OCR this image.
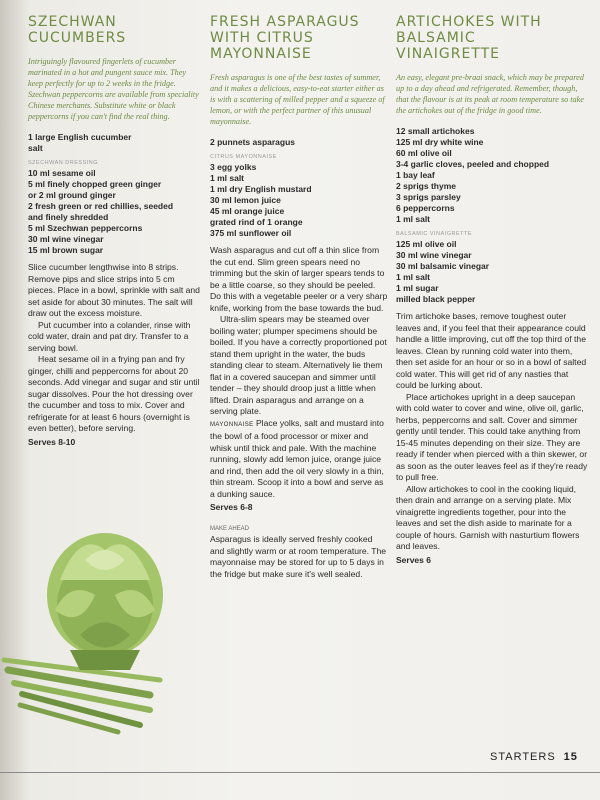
SZECHWAN
CUCUMBERS

Intriguingly flavoured fingerlets of cucumber marinated in a hot and pungent sauce mix. They keep perfectly for up to 2 weeks in the fridge. Szechwan peppercorns are available from speciality Chinese merchants. Substitute white or black peppercorns if you can't find the real thing.

1 large English cucumber
salt
SZECHWAN DRESSING
10 ml sesame oil
5 ml finely chopped green ginger
or 2 ml ground ginger
2 fresh green or red chillies, seeded
and finely shredded
5 ml Szechwan peppercorns
30 ml wine vinegar
15 ml brown sugar

Slice cucumber lengthwise into 8 strips. Remove pips and slice strips into 5 cm pieces. Place in a bowl, sprinkle with salt and set aside for about 30 minutes. The salt will draw out the excess moisture.

Put cucumber into a colander, rinse with cold water, drain and pat dry. Transfer to a serving bowl.

Heat sesame oil in a frying pan and fry ginger, chilli and peppercorns for about 20 seconds. Add vinegar and sugar and stir until sugar dissolves. Pour the hot dressing over the cucumber and toss to mix. Cover and refrigerate for at least 6 hours (overnight is even better), before serving.

Serves 8-10
FRESH ASPARAGUS
WITH CITRUS
MAYONNAISE

Fresh asparagus is one of the best tastes of summer, and it makes a delicious, easy-to-eat starter either as is with a scattering of milled pepper and a squeeze of lemon, or with the perfect partner of this unusual mayonnaise.

2 punnets asparagus
CITRUS MAYONNAISE
3 egg yolks
1 ml salt
1 ml dry English mustard
30 ml lemon juice
45 ml orange juice
grated rind of 1 orange
375 ml sunflower oil

Wash asparagus and cut off a thin slice from the cut end. Slim green spears need no trimming but the skin of larger spears tends to be a little coarse, so they should be peeled. Do this with a vegetable peeler or a very sharp knife, working from the base towards the bud.

Ultra-slim spears may be steamed over boiling water; plumper specimens should be boiled. If you have a correctly proportioned pot stand them upright in the water, the buds standing clear to steam. Alternatively lie them flat in a covered saucepan and simmer until tender – they should droop just a little when lifted. Drain asparagus and arrange on a serving plate.

MAYONNAISE Place yolks, salt and mustard into the bowl of a food processor or mixer and whisk until thick and pale. With the machine running, slowly add lemon juice, orange juice and rind, then add the oil very slowly in a thin, thin stream. Scoop it into a bowl and serve as a dunking sauce.

Serves 6-8
MAKE AHEAD

Asparagus is ideally served freshly cooked and slightly warm or at room temperature. The mayonnaise may be stored for up to 5 days in the fridge but make sure it's well sealed.

ARTICHOKES WITH
BALSAMIC
VINAIGRETTE

An easy, elegant pre-braai snack, which may be prepared up to a day ahead and refrigerated. Remember, though, that the flavour is at its peak at room temperature so take the artichokes out of the fridge in good time.

12 small artichokes
125 ml dry white wine
60 ml olive oil
3-4 garlic cloves, peeled and chopped
1 bay leaf
2 sprigs thyme
3 sprigs parsley
6 peppercorns
1 ml salt
BALSAMIC VINAIGRETTE
125 ml olive oil
30 ml wine vinegar
30 ml balsamic vinegar
1 ml salt
1 ml sugar
milled black pepper

Trim artichoke bases, remove toughest outer leaves and, if you feel that their appearance could handle a little improving, cut off the top third of the leaves. Clean by running cold water into them, then set aside for an hour or so in a bowl of salted cold water. This will get rid of any nasties that could be lurking about.

Place artichokes upright in a deep saucepan with cold water to cover and wine, olive oil, garlic, herbs, peppercorns and salt. Cover and simmer gently until tender. This could take anything from 15-45 minutes depending on their size. They are ready if tender when pierced with a thin skewer, or as soon as the outer leaves feel as if they're ready to pull free.

Allow artichokes to cool in the cooking liquid, then drain and arrange on a serving plate. Mix vinaigrette ingredients together, pour into the leaves and set the dish aside to marinate for a couple of hours. Garnish with nasturtium flowers and leaves.

Serves 6
STARTERS 15
